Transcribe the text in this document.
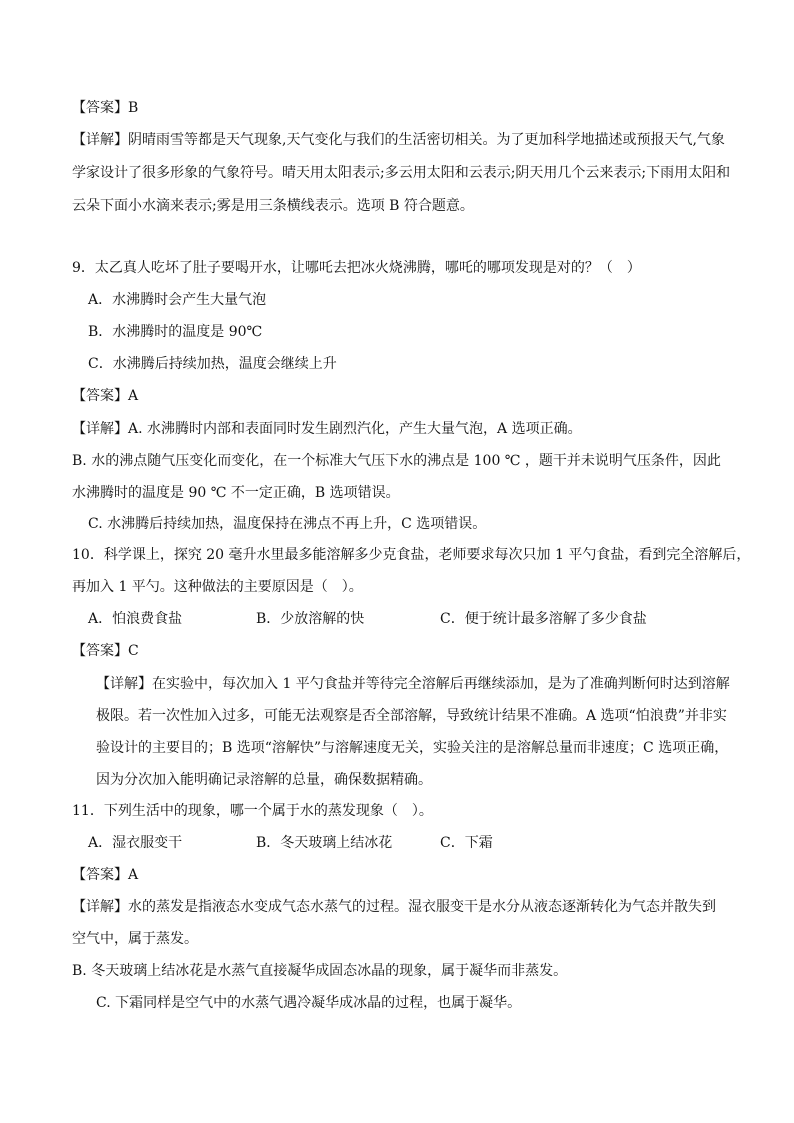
【答案】B
【详解】阴晴雨雪等都是天气现象,天气变化与我们的生活密切相关。为了更加科学地描述或预报天气,气象
学家设计了很多形象的气象符号。晴天用太阳表示;多云用太阳和云表示;阴天用几个云来表示;下雨用太阳和
云朵下面小水滴来表示;雾是用三条横线表示。选项 B 符合题意。
9．太乙真人吃坏了肚子要喝开水，让哪吒去把冰火烧沸腾，哪吒的哪项发现是对的？（　）
A．水沸腾时会产生大量气泡
B．水沸腾时的温度是 90℃
C．水沸腾后持续加热，温度会继续上升
【答案】A
【详解】A. 水沸腾时内部和表面同时发生剧烈汽化，产生大量气泡，A 选项正确。
B. 水的沸点随气压变化而变化，在一个标准大气压下水的沸点是 100 ℃ ，题干并未说明气压条件，因此
水沸腾时的温度是 90 ℃ 不一定正确，B 选项错误。
C. 水沸腾后持续加热，温度保持在沸点不再上升，C 选项错误。
10．科学课上，探究 20 毫升水里最多能溶解多少克食盐，老师要求每次只加 1 平勺食盐，看到完全溶解后，
再加入 1 平勺。这种做法的主要原因是（　）。
A．怕浪费食盐	B．少放溶解的快	C．便于统计最多溶解了多少食盐
【答案】C
【详解】在实验中，每次加入 1 平勺食盐并等待完全溶解后再继续添加，是为了准确判断何时达到溶解
极限。若一次性加入过多，可能无法观察是否全部溶解，导致统计结果不准确。A 选项“怕浪费”并非实
验设计的主要目的；B 选项“溶解快”与溶解速度无关，实验关注的是溶解总量而非速度；C 选项正确，
因为分次加入能明确记录溶解的总量，确保数据精确。
11．下列生活中的现象，哪一个属于水的蒸发现象（　）。
A．湿衣服变干	B．冬天玻璃上结冰花	C．下霜
【答案】A
【详解】水的蒸发是指液态水变成气态水蒸气的过程。湿衣服变干是水分从液态逐渐转化为气态并散失到
空气中，属于蒸发。
B. 冬天玻璃上结冰花是水蒸气直接凝华成固态冰晶的现象，属于凝华而非蒸发。
C. 下霜同样是空气中的水蒸气遇冷凝华成冰晶的过程，也属于凝华。
